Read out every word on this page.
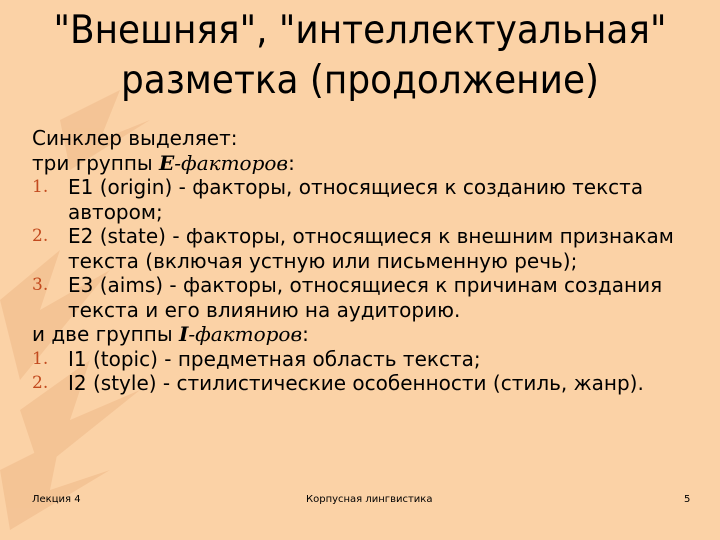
"Внешняя", "интеллектуальная"
разметка (продолжение)
Синклер выделяет:
три группы E-факторов:
1. E1 (origin) - факторы, относящиеся к созданию текста автором;
2. E2 (state) - факторы, относящиеся к внешним признакам текста (включая устную или письменную речь);
3. E3 (aims) - факторы, относящиеся к причинам создания текста и его влиянию на аудиторию.
и две группы I-факторов:
1. I1 (topic) - предметная область текста;
2. I2 (style) - стилистические особенности (стиль, жанр).
Лекция 4	Корпусная лингвистика	5
